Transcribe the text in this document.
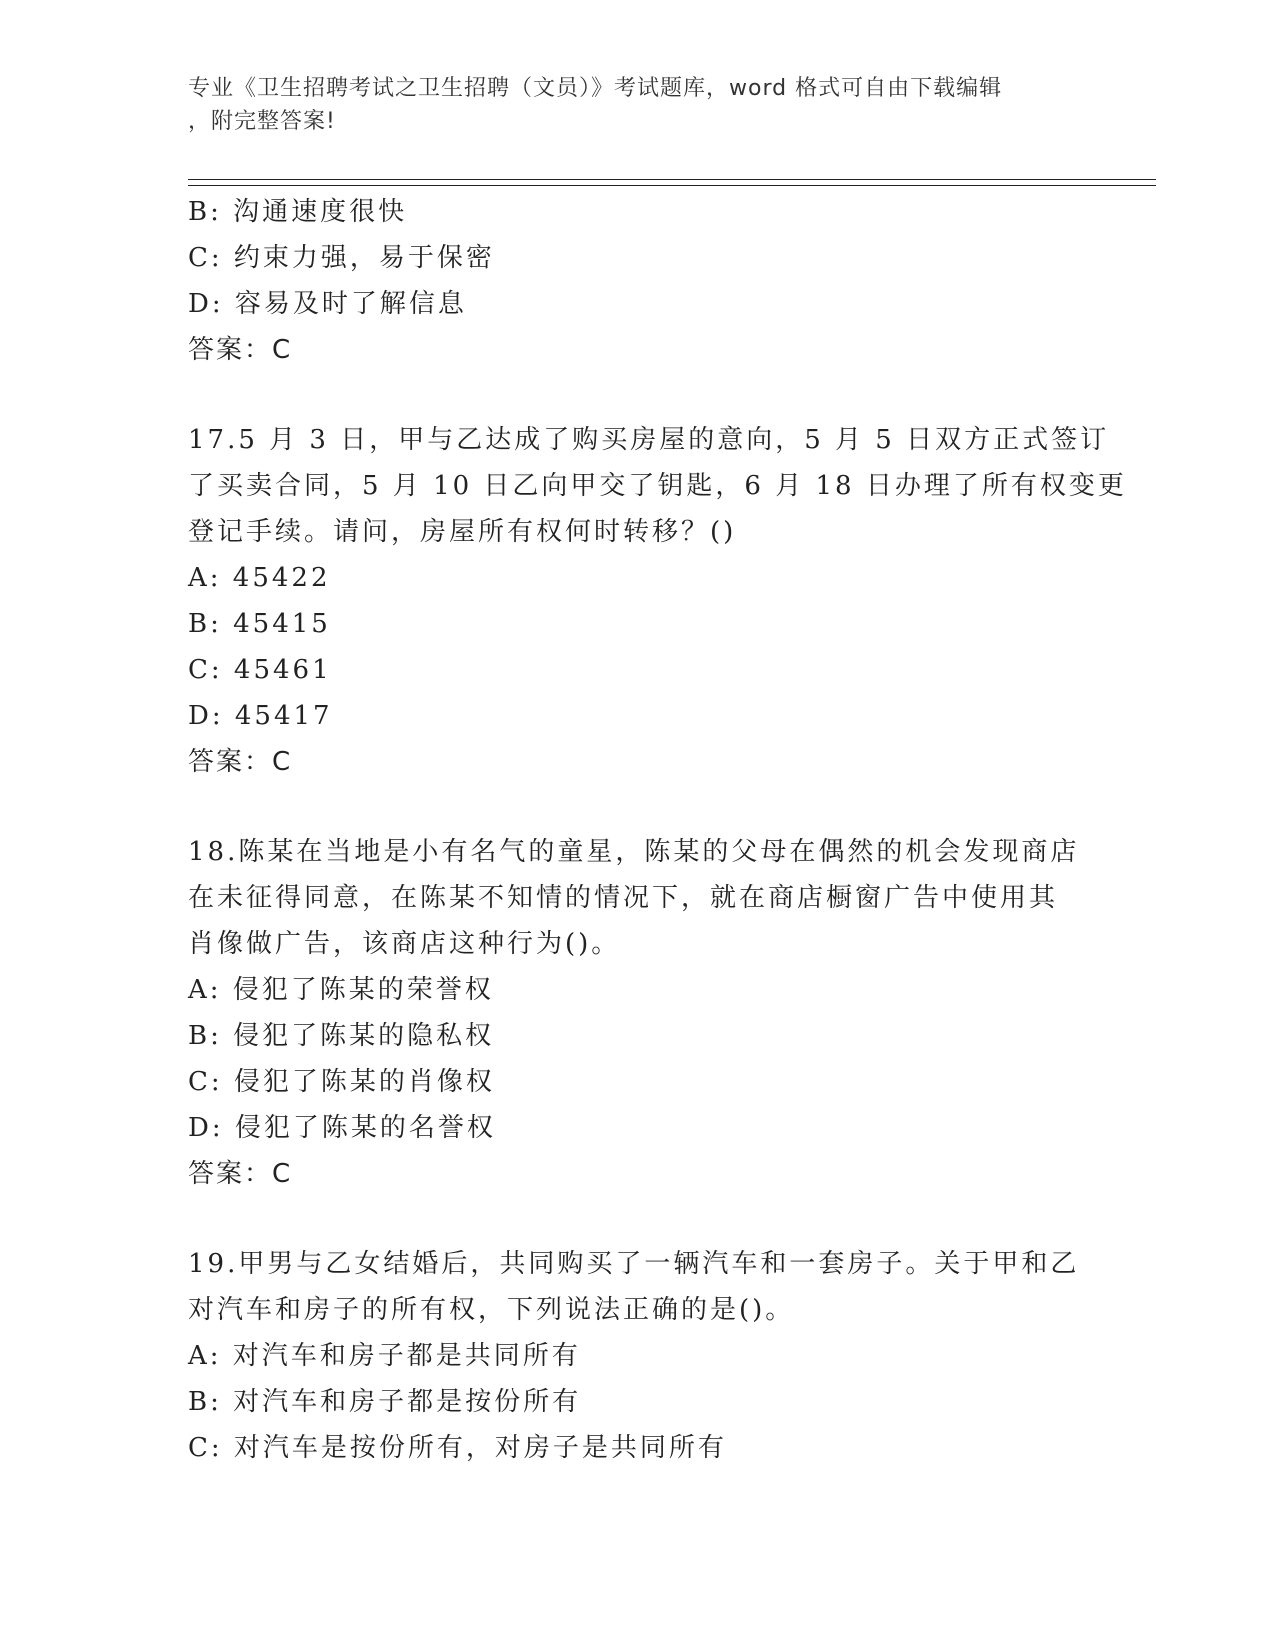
专业《卫生招聘考试之卫生招聘（文员）》考试题库，word 格式可自由下载编辑
，附完整答案!
B: 沟通速度很快
C: 约束力强，易于保密
D: 容易及时了解信息
答案：C
17.5 月 3 日，甲与乙达成了购买房屋的意向，5 月 5 日双方正式签订
了买卖合同，5 月 10 日乙向甲交了钥匙，6 月 18 日办理了所有权变更
登记手续。请问，房屋所有权何时转移？()
A: 45422
B: 45415
C: 45461
D: 45417
答案：C
18.陈某在当地是小有名气的童星，陈某的父母在偶然的机会发现商店
在未征得同意，在陈某不知情的情况下，就在商店橱窗广告中使用其
肖像做广告，该商店这种行为()。
A: 侵犯了陈某的荣誉权
B: 侵犯了陈某的隐私权
C: 侵犯了陈某的肖像权
D: 侵犯了陈某的名誉权
答案：C
19.甲男与乙女结婚后，共同购买了一辆汽车和一套房子。关于甲和乙
对汽车和房子的所有权，下列说法正确的是()。
A: 对汽车和房子都是共同所有
B: 对汽车和房子都是按份所有
C: 对汽车是按份所有，对房子是共同所有
